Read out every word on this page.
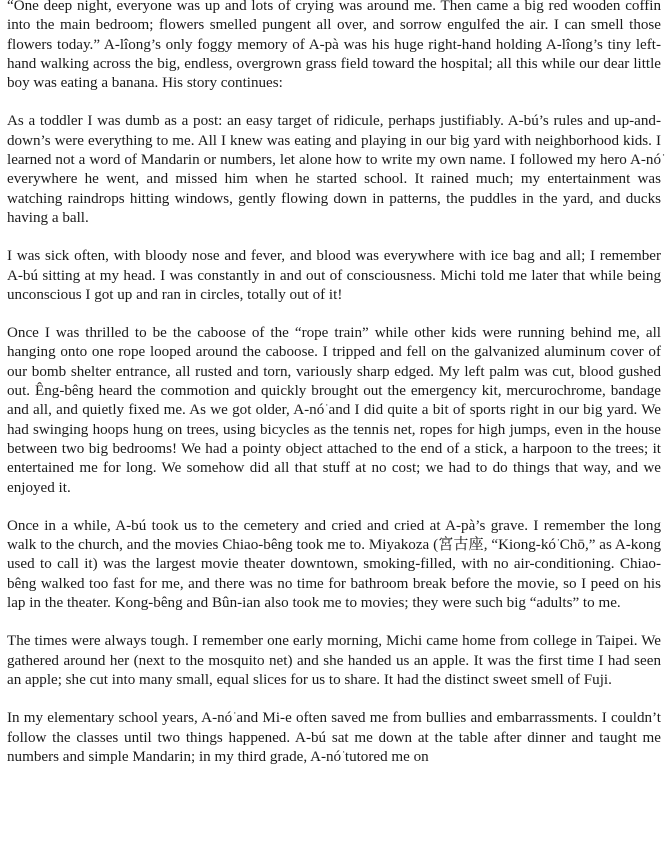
“One deep night, everyone was up and lots of crying was around me. Then came a big red wooden coffin into the main bedroom; flowers smelled pungent all over, and sorrow engulfed the air. I can smell those flowers today.” A-lîong’s only foggy memory of A-pà was his huge right-hand holding A-lîong’s tiny left-hand walking across the big, endless, overgrown grass field toward the hospital; all this while our dear little boy was eating a banana. His story continues:

As a toddler I was dumb as a post: an easy target of ridicule, perhaps justifiably. A-bú’s rules and up-and-down’s were everything to me. All I knew was eating and playing in our big yard with neighborhood kids. I learned not a word of Mandarin or numbers, let alone how to write my own name. I followed my hero A-nó͘ everywhere he went, and missed him when he started school. It rained much; my entertainment was watching raindrops hitting windows, gently flowing down in patterns, the puddles in the yard, and ducks having a ball.

I was sick often, with bloody nose and fever, and blood was everywhere with ice bag and all; I remember A-bú sitting at my head. I was constantly in and out of consciousness. Michi told me later that while being unconscious I got up and ran in circles, totally out of it!

Once I was thrilled to be the caboose of the “rope train” while other kids were running behind me, all hanging onto one rope looped around the caboose. I tripped and fell on the galvanized aluminum cover of our bomb shelter entrance, all rusted and torn, variously sharp edged. My left palm was cut, blood gushed out. Êng-bêng heard the commotion and quickly brought out the emergency kit, mercurochrome, bandage and all, and quietly fixed me. As we got older, A-nó͘ and I did quite a bit of sports right in our big yard. We had swinging hoops hung on trees, using bicycles as the tennis net, ropes for high jumps, even in the house between two big bedrooms! We had a pointy object attached to the end of a stick, a harpoon to the trees; it entertained me for long. We somehow did all that stuff at no cost; we had to do things that way, and we enjoyed it.

Once in a while, A-bú took us to the cemetery and cried and cried at A-pà’s grave. I remember the long walk to the church, and the movies Chiao-bêng took me to. Miyakoza (宮古座, “Kiong-kó͘ Chō,” as A-kong used to call it) was the largest movie theater downtown, smoking-filled, with no air-conditioning. Chiao-bêng walked too fast for me, and there was no time for bathroom break before the movie, so I peed on his lap in the theater. Kong-bêng and Bûn-ian also took me to movies; they were such big “adults” to me.

The times were always tough. I remember one early morning, Michi came home from college in Taipei. We gathered around her (next to the mosquito net) and she handed us an apple. It was the first time I had seen an apple; she cut into many small, equal slices for us to share. It had the distinct sweet smell of Fuji.

In my elementary school years, A-nó͘ and Mi-e often saved me from bullies and embarrassments. I couldn’t follow the classes until two things happened. A-bú sat me down at the table after dinner and taught me numbers and simple Mandarin; in my third grade, A-nó͘ tutored me on
